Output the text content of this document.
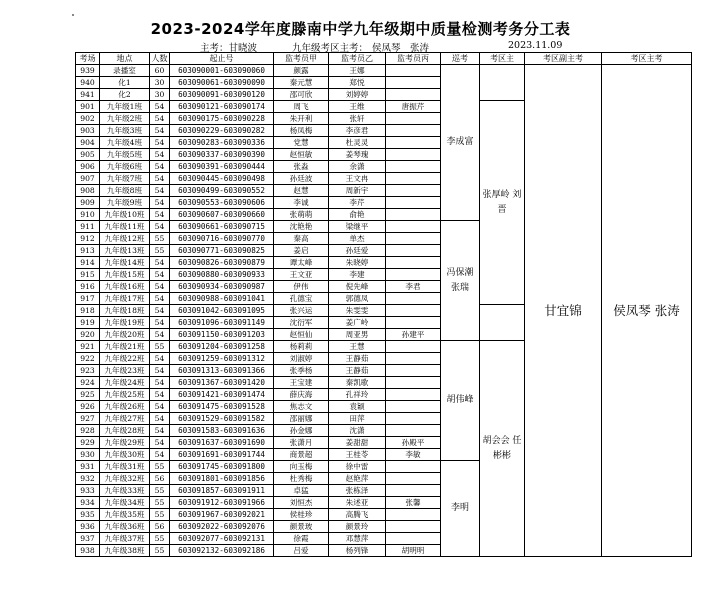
2023-2024学年度滕南中学九年级期中质量检测考务分工表
主考：甘晓波	九年级考区主考： 侯凤琴　张涛	2023.11.09
考场	地点	人数	起止号	监考员甲	监考员乙	监考员丙	巡考	考区主	考区副主考	考区主考
939	录播室	60	603090001-603090060	颜露	王娜		李成富		甘宜锦	侯凤琴 张涛
940	化1	30	603090061-603090090	秦元慧	郑悦					
941	化2	30	603090091-603090120	邵可欣	刘婷婷					
901	九年级1班	54	603090121-603090174	周飞	王维	唐振芹		张厚岭 刘晋		
902	九年级2班	54	603090175-603090228	朱开利	张轩					
903	九年级3班	54	603090229-603090282	杨凤梅	李彦君					
904	九年级4班	54	603090283-603090336	党慧	杜灵灵					
905	九年级5班	54	603090337-603090390	赵恒敏	姜琴瑰					
906	九年级6班	54	603090391-603090444	张淼	余潇					
907	九年级7班	54	603090445-603090498	孙廷波	王文冉					
908	九年级8班	54	603090499-603090552	赵慧	周新宇					
909	九年级9班	54	603090553-603090606	李诚	李芹					
910	九年级10班	54	603090607-603090660	张萌萌	俞艳					
911	九年级11班	54	603090661-603090715	沈艳艳	梁继平		冯保潮 张瑞			
912	九年级12班	55	603090716-603090770	秦高	单杰					
913	九年级13班	55	603090771-603090825	姜启	孙廷爱					
914	九年级14班	54	603090826-603090879	谭太峰	朱晓婷					
915	九年级15班	54	603090880-603090933	王文亚	李建					
916	九年级16班	54	603090934-603090987	伊伟	倪先峰	李君				
917	九年级17班	54	603090988-603091041	孔德宝	郭德凤					
918	九年级18班	54	603091042-603091095	张兴运	朱雯雯					
919	九年级19班	54	603091096-603091149	沈衍军	姜广岭					
920	九年级20班	54	603091150-603091203	赵恒仙	周亚男	孙建平				
921	九年级21班	55	603091204-603091258	杨莉莉	王慧		胡伟峰	胡会会 任彬彬		
922	九年级22班	54	603091259-603091312	刘淑婷	王静茹					
923	九年级23班	54	603091313-603091366	张季杨	王静茹					
924	九年级24班	54	603091367-603091420	王宝建	秦凯歌					
925	九年级25班	54	603091421-603091474	薛庆海	孔祥玲					
926	九年级26班	54	603091475-603091528	焦志文	袁颖					
927	九年级27班	54	603091529-603091582	邵丽娜	田萍					
928	九年级28班	54	603091583-603091636	孙金娜	沈潇					
929	九年级29班	54	603091637-603091690	张潇月	姜甜甜	孙殿平				
930	九年级30班	54	603091691-603091744	商景超	王桂苓	李敏				
931	九年级31班	55	603091745-603091800	向玉梅	徐中雷		李明			
932	九年级32班	56	603091801-603091856	杜秀梅	赵艳萍					
933	九年级33班	55	603091857-603091911	卓猛	张栋泽					
934	九年级34班	55	603091912-603091966	刘恒杰	朱述亚	张馨				
935	九年级35班	55	603091967-603092021	侯桂珍	高腾飞					
936	九年级36班	56	603092022-603092076	颜景玻	颜景玲					
937	九年级37班	55	603092077-603092131	徐霞	邓慧萍					
938	九年级38班	55	603092132-603092186	吕爱	杨列锋	胡明明				
